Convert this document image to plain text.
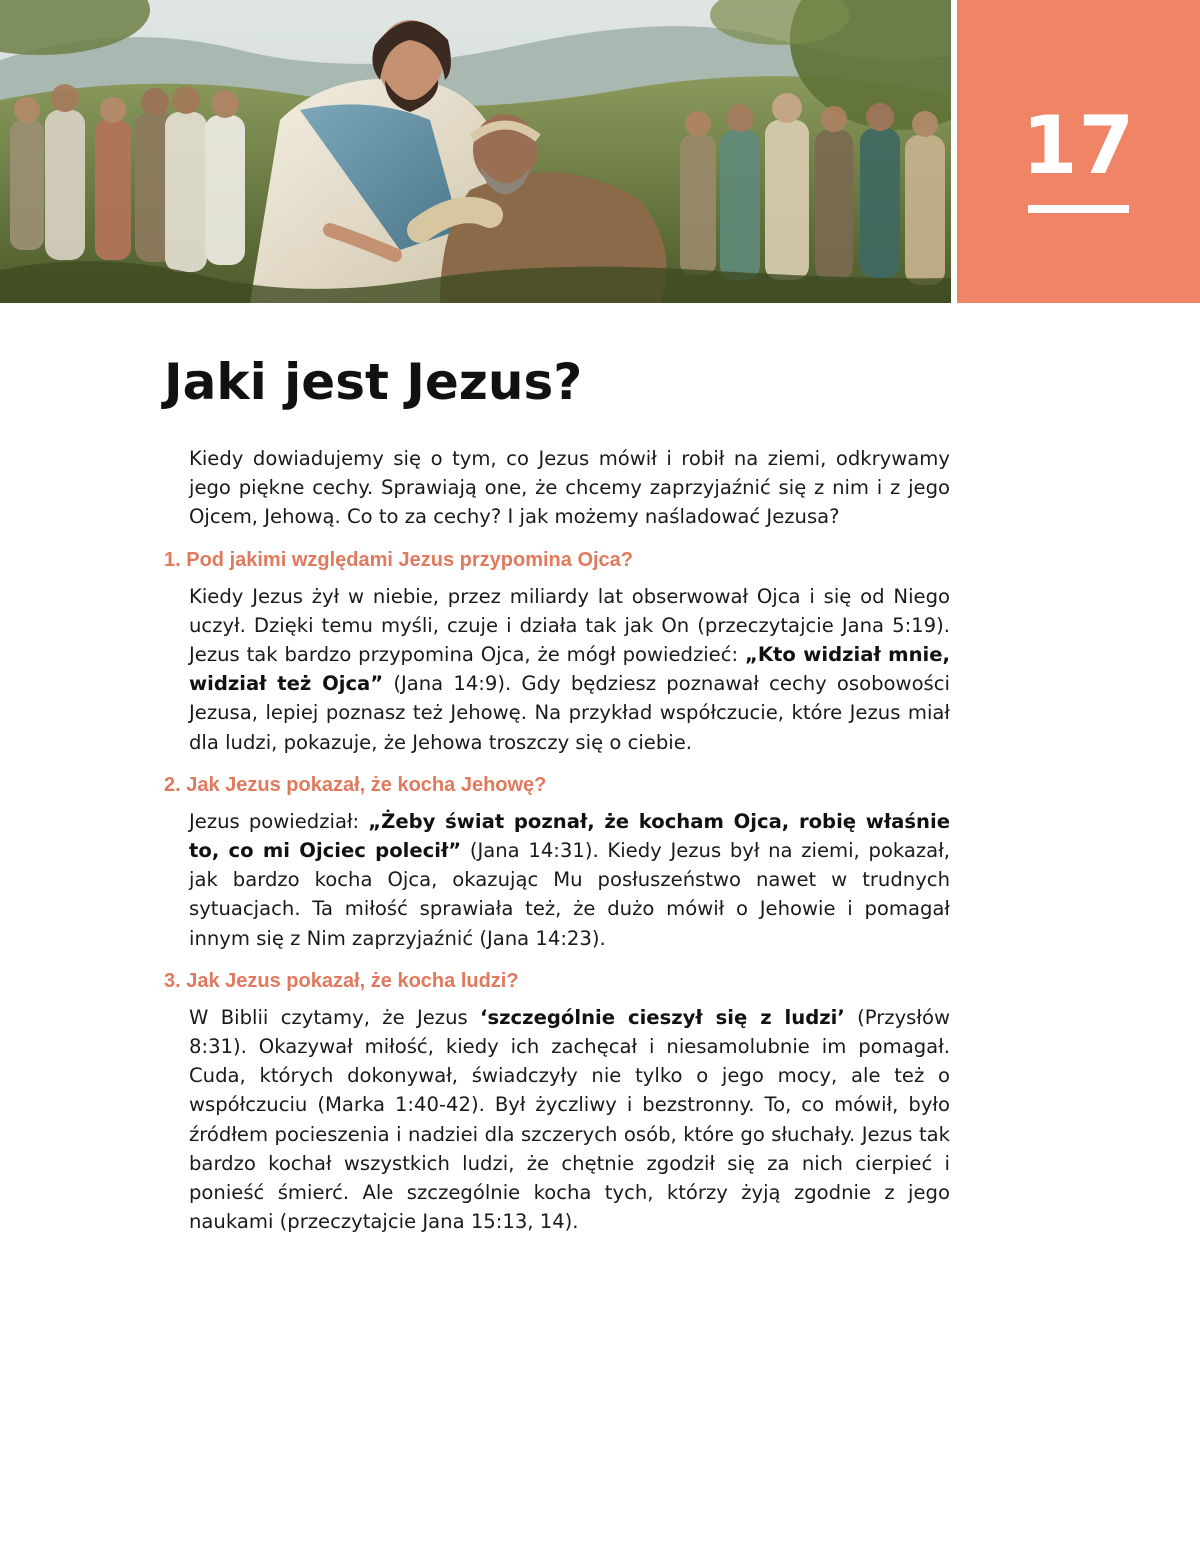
17
Jaki jest Jezus?

Kiedy dowiadujemy się o tym, co Jezus mówił i robił na ziemi, odkrywamy jego piękne cechy. Sprawiają one, że chcemy zaprzyjaźnić się z nim i z jego Ojcem, Jehową. Co to za cechy? I jak możemy naśladować Jezusa?

1. Pod jakimi względami Jezus przypomina Ojca?

Kiedy Jezus żył w niebie, przez miliardy lat obserwował Ojca i się od Niego uczył. Dzięki temu myśli, czuje i działa tak jak On (przeczytajcie Jana 5:19). Jezus tak bardzo przypomina Ojca, że mógł powiedzieć: „Kto widział mnie, widział też Ojca” (Jana 14:9). Gdy będziesz poznawał cechy osobowości Jezusa, lepiej poznasz też Jehowę. Na przykład współczucie, które Jezus miał dla ludzi, pokazuje, że Jehowa troszczy się o ciebie.

2. Jak Jezus pokazał, że kocha Jehowę?

Jezus powiedział: „Żeby świat poznał, że kocham Ojca, robię właśnie to, co mi Ojciec polecił” (Jana 14:31). Kiedy Jezus był na ziemi, pokazał, jak bardzo kocha Ojca, okazując Mu posłuszeństwo nawet w trudnych sytuacjach. Ta miłość sprawiała też, że dużo mówił o Jehowie i pomagał innym się z Nim zaprzyjaźnić (Jana 14:23).

3. Jak Jezus pokazał, że kocha ludzi?

W Biblii czytamy, że Jezus ‘szczególnie cieszył się z ludzi’ (Przysłów 8:31). Okazywał miłość, kiedy ich zachęcał i niesamolubnie im pomagał. Cuda, których dokonywał, świadczyły nie tylko o jego mocy, ale też o współczuciu (Marka 1:40-42). Był życzliwy i bezstronny. To, co mówił, było źródłem pocieszenia i nadziei dla szczerych osób, które go słuchały. Jezus tak bardzo kochał wszystkich ludzi, że chętnie zgodził się za nich cierpieć i ponieść śmierć. Ale szczególnie kocha tych, którzy żyją zgodnie z jego naukami (przeczytajcie Jana 15:13, 14).
